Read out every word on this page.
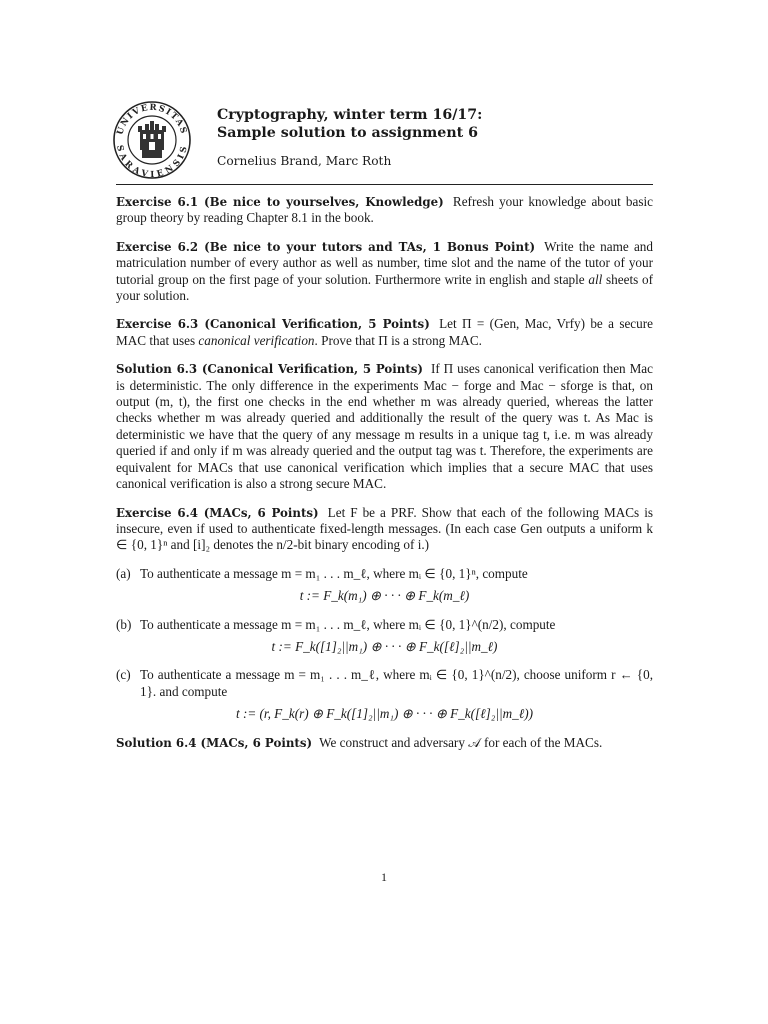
UNIVERSITAS
SARAVIENSIS
Cryptography, winter term 16/17:
Sample solution to assignment 6
Cornelius Brand, Marc Roth

Exercise 6.1 (Be nice to yourselves, Knowledge) Refresh your knowledge about basic group theory by reading Chapter 8.1 in the book.

Exercise 6.2 (Be nice to your tutors and TAs, 1 Bonus Point) Write the name and matriculation number of every author as well as number, time slot and the name of the tutor of your tutorial group on the first page of your solution. Furthermore write in english and staple all sheets of your solution.

Exercise 6.3 (Canonical Verification, 5 Points) Let Π = (Gen, Mac, Vrfy) be a secure MAC that uses canonical verification. Prove that Π is a strong MAC.

Solution 6.3 (Canonical Verification, 5 Points) If Π uses canonical verification then Mac is deterministic. The only difference in the experiments Mac − forge and Mac − sforge is that, on output (m, t), the first one checks in the end whether m was already queried, whereas the latter checks whether m was already queried and additionally the result of the query was t. As Mac is deterministic we have that the query of any message m results in a unique tag t, i.e. m was already queried if and only if m was already queried and the output tag was t. Therefore, the experiments are equivalent for MACs that use canonical verification which implies that a secure MAC that uses canonical verification is also a strong secure MAC.

Exercise 6.4 (MACs, 6 Points) Let F be a PRF. Show that each of the following MACs is insecure, even if used to authenticate fixed-length messages. (In each case Gen outputs a uniform k ∈ {0, 1}ⁿ and [i]₂ denotes the n/2-bit binary encoding of i.)

(a) To authenticate a message m = m₁ . . . m_ℓ, where mᵢ ∈ {0, 1}ⁿ, compute
t := F_k(m₁) ⊕ · · · ⊕ F_k(m_ℓ)
(b) To authenticate a message m = m₁ . . . m_ℓ, where mᵢ ∈ {0, 1}^(n/2), compute
t := F_k([1]₂||m₁) ⊕ · · · ⊕ F_k([ℓ]₂||m_ℓ)
(c) To authenticate a message m = m₁ . . . m_ℓ, where mᵢ ∈ {0, 1}^(n/2), choose uniform r ← {0, 1}. and compute
t := (r, F_k(r) ⊕ F_k([1]₂||m₁) ⊕ · · · ⊕ F_k([ℓ]₂||m_ℓ))

Solution 6.4 (MACs, 6 Points) We construct and adversary 𝒜 for each of the MACs.

1
